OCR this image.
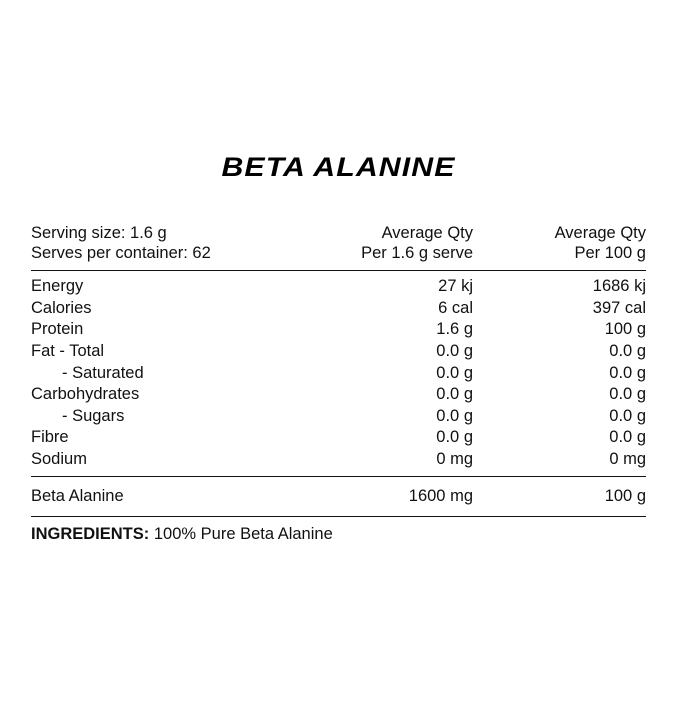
BETA ALANINE
Serving size: 1.6 g	Average Qty	Average Qty
Serves per container: 62	Per 1.6 g serve	Per 100 g
Energy	27 kj	1686 kj
Calories	6 cal	397 cal
Protein	1.6 g	100 g
Fat - Total	0.0 g	0.0 g
- Saturated	0.0 g	0.0 g
Carbohydrates	0.0 g	0.0 g
- Sugars	0.0 g	0.0 g
Fibre	0.0 g	0.0 g
Sodium	0 mg	0 mg
Beta Alanine	1600 mg	100 g
INGREDIENTS: 100% Pure Beta Alanine
